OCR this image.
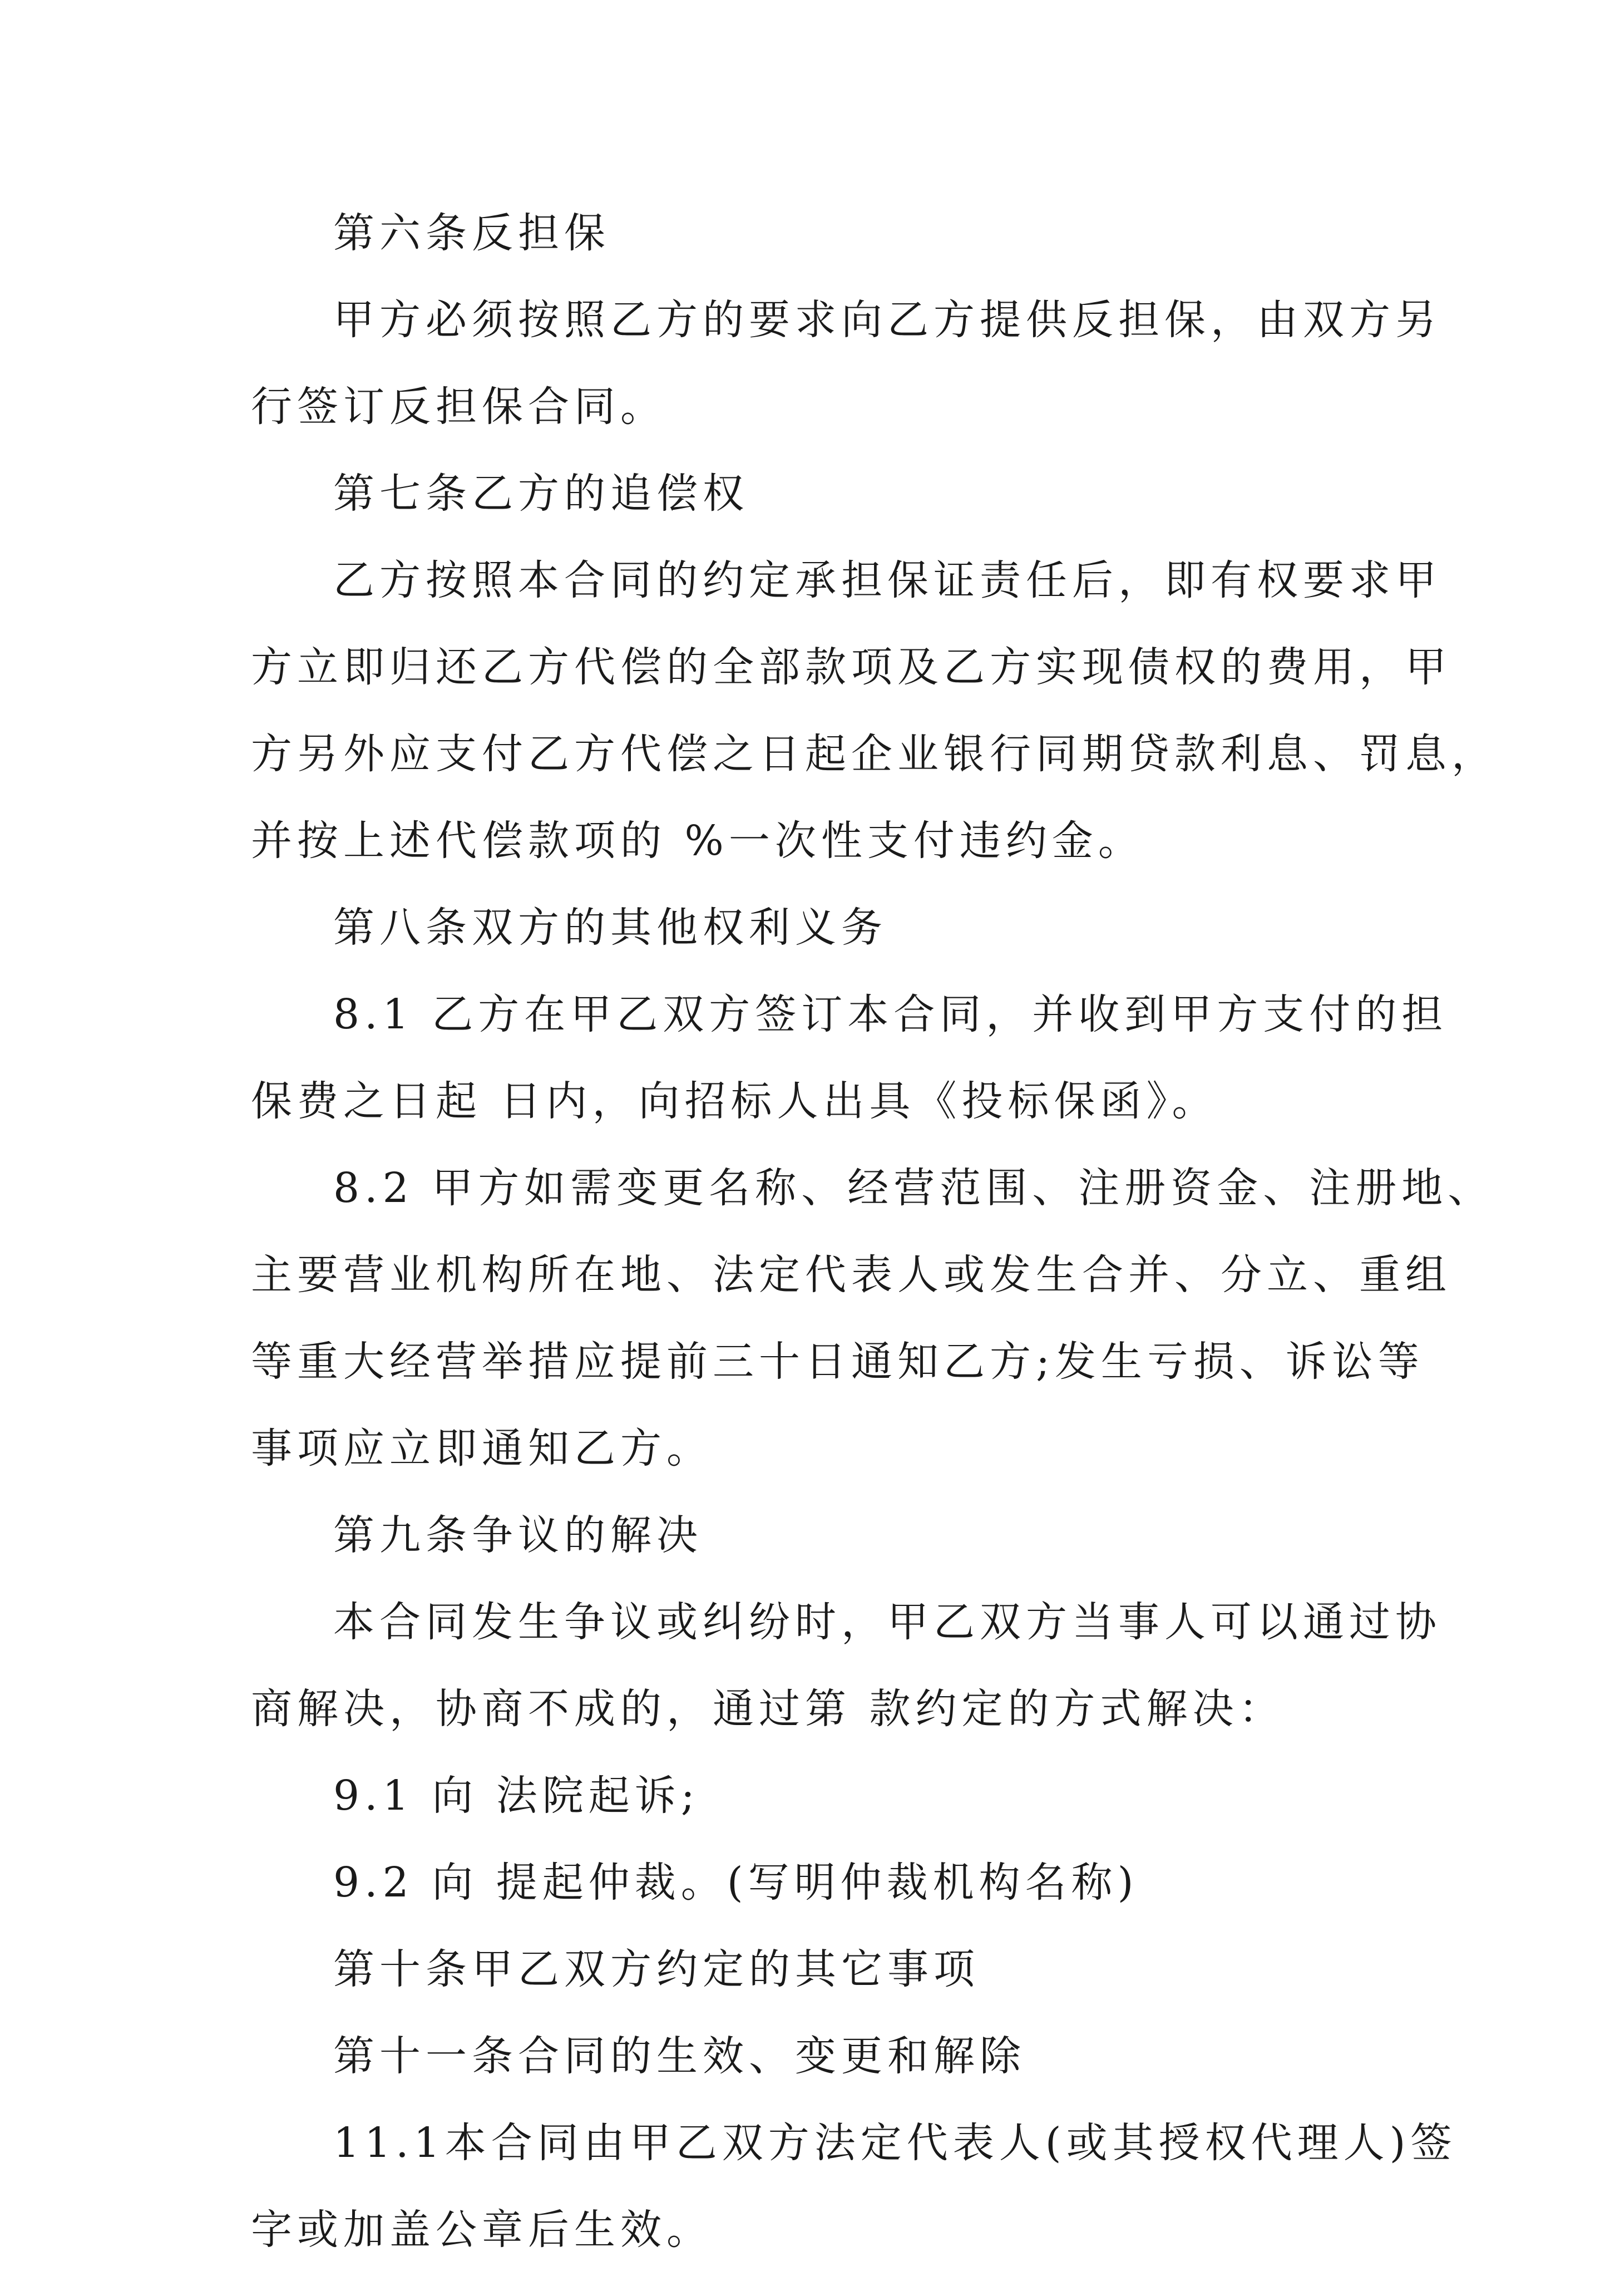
第六条反担保
甲方必须按照乙方的要求向乙方提供反担保，由双方另
行签订反担保合同。
第七条乙方的追偿权
乙方按照本合同的约定承担保证责任后，即有权要求甲
方立即归还乙方代偿的全部款项及乙方实现债权的费用，甲
方另外应支付乙方代偿之日起企业银行同期贷款利息、罚息，
并按上述代偿款项的 %一次性支付违约金。
第八条双方的其他权利义务
8.1 乙方在甲乙双方签订本合同，并收到甲方支付的担
保费之日起 日内，向招标人出具《投标保函》。
8.2 甲方如需变更名称、经营范围、注册资金、注册地、
主要营业机构所在地、法定代表人或发生合并、分立、重组
等重大经营举措应提前三十日通知乙方;发生亏损、诉讼等
事项应立即通知乙方。
第九条争议的解决
本合同发生争议或纠纷时，甲乙双方当事人可以通过协
商解决，协商不成的，通过第 款约定的方式解决：
9.1 向 法院起诉;
9.2 向 提起仲裁。(写明仲裁机构名称)
第十条甲乙双方约定的其它事项
第十一条合同的生效、变更和解除
11.1本合同由甲乙双方法定代表人(或其授权代理人)签
字或加盖公章后生效。
